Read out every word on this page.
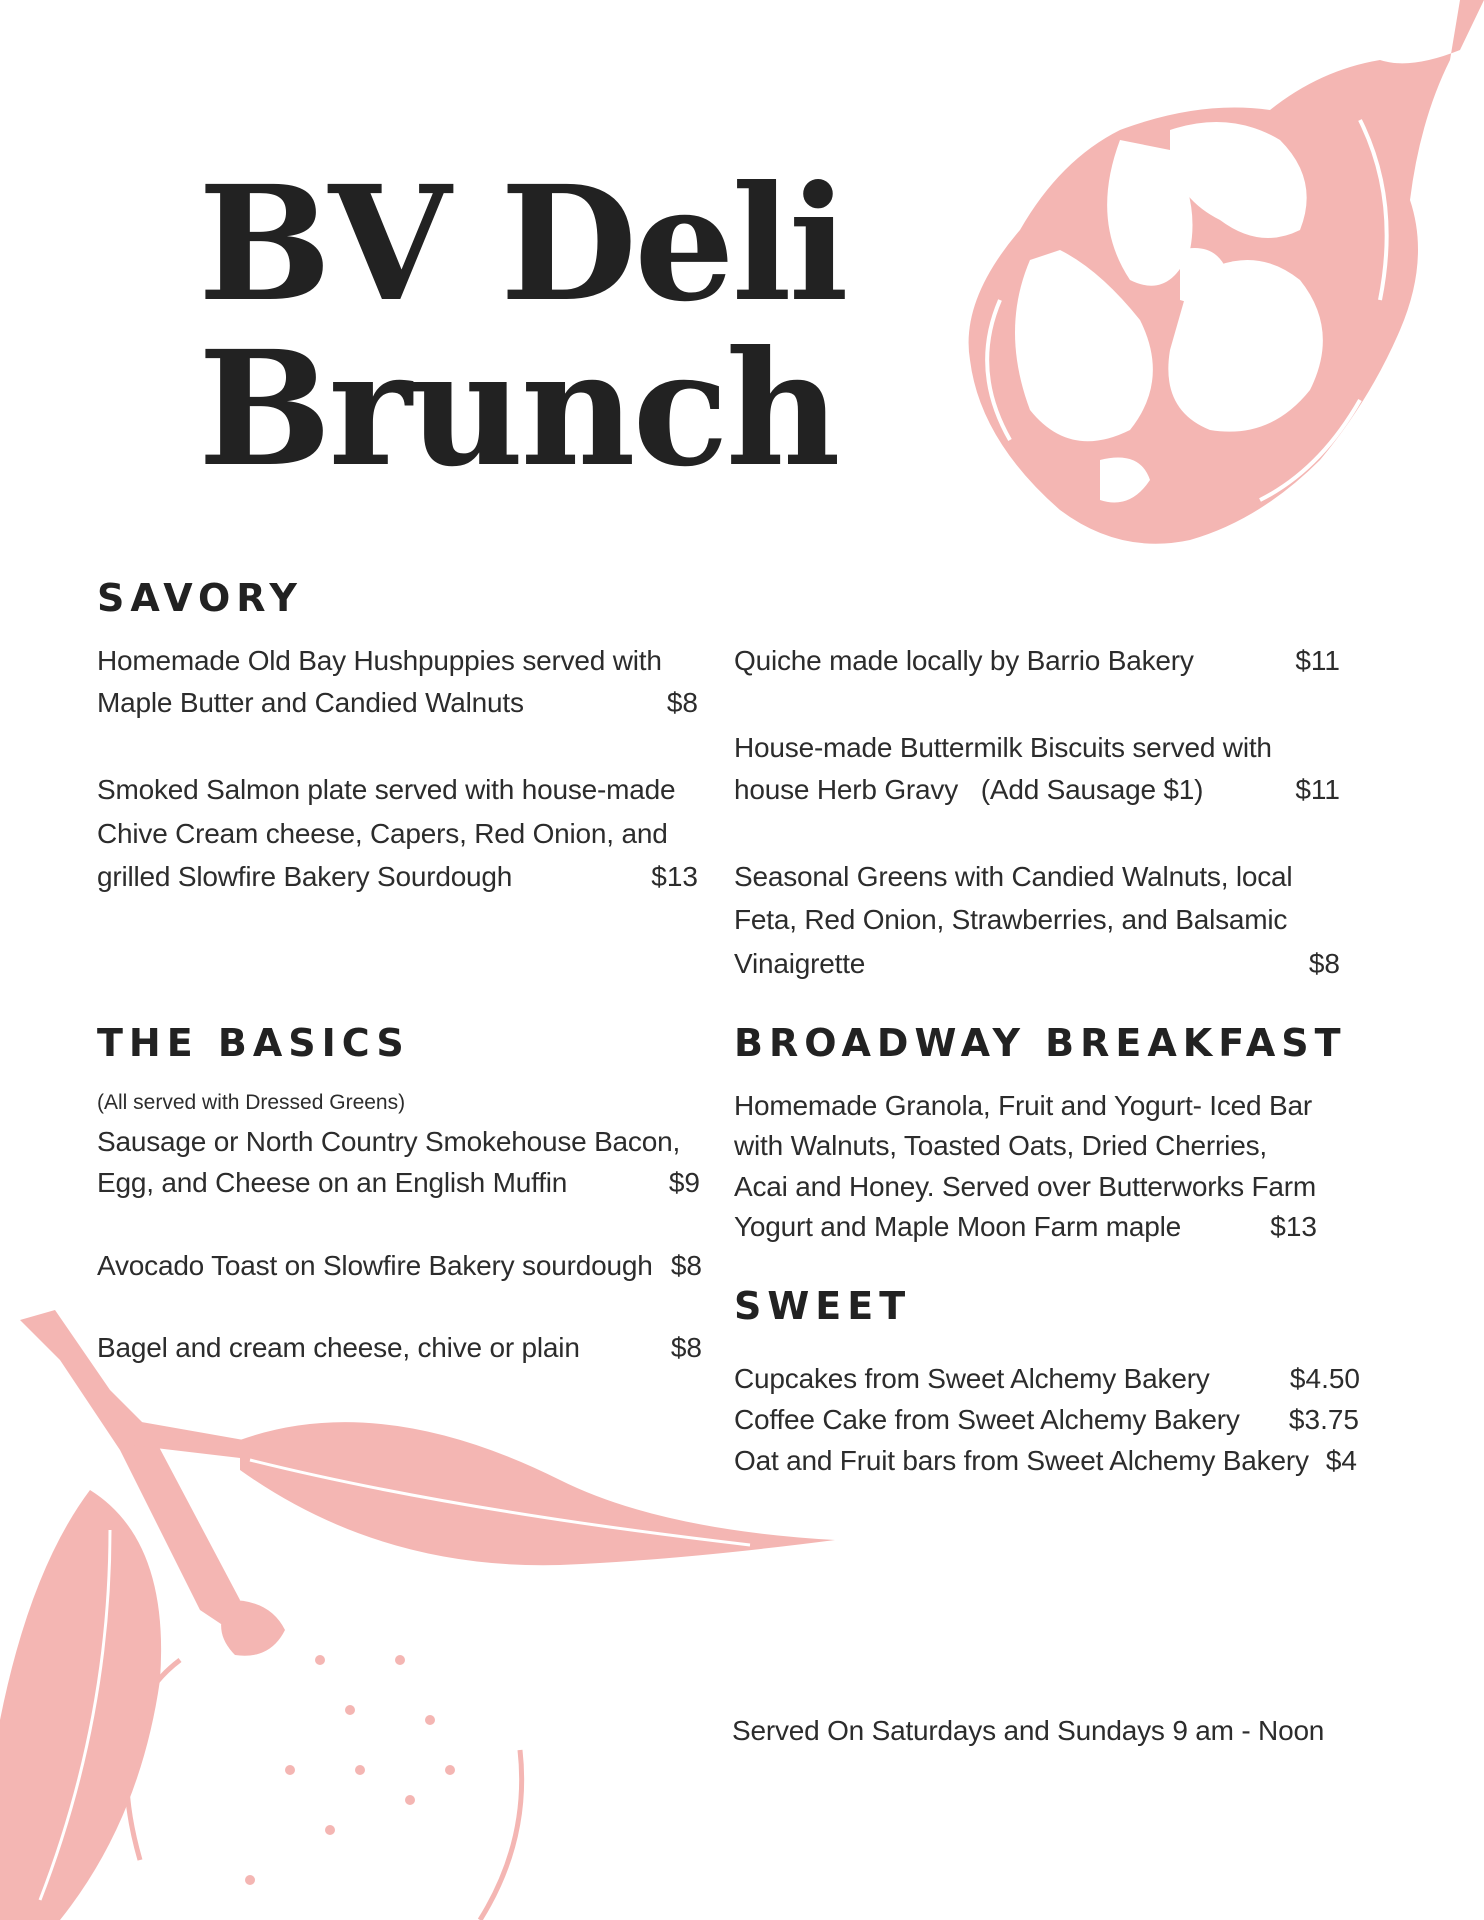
BV Deli
Brunch
SAVORY
Homemade Old Bay Hushpuppies served with
Maple Butter and Candied Walnuts	$8
Smoked Salmon plate served with house-made
Chive Cream cheese, Capers, Red Onion, and
grilled Slowfire Bakery Sourdough	$13
Quiche made locally by Barrio Bakery	$11
House-made Buttermilk Biscuits served with
house Herb Gravy   (Add Sausage $1)	$11
Seasonal Greens with Candied Walnuts, local
Feta, Red Onion, Strawberries, and Balsamic
Vinaigrette	$8
THE BASICS
(All served with Dressed Greens)
Sausage or North Country Smokehouse Bacon,
Egg, and Cheese on an English Muffin	$9
Avocado Toast on Slowfire Bakery sourdough $8
Bagel and cream cheese, chive or plain	$8
BROADWAY BREAKFAST
Homemade Granola, Fruit and Yogurt- Iced Bar
with Walnuts, Toasted Oats, Dried Cherries,
Acai and Honey. Served over Butterworks Farm
Yogurt and Maple Moon Farm maple	$13
SWEET
Cupcakes from Sweet Alchemy Bakery	$4.50
Coffee Cake from Sweet Alchemy Bakery $3.75
Oat and Fruit bars from Sweet Alchemy Bakery $4
Served On Saturdays and Sundays 9 am - Noon
